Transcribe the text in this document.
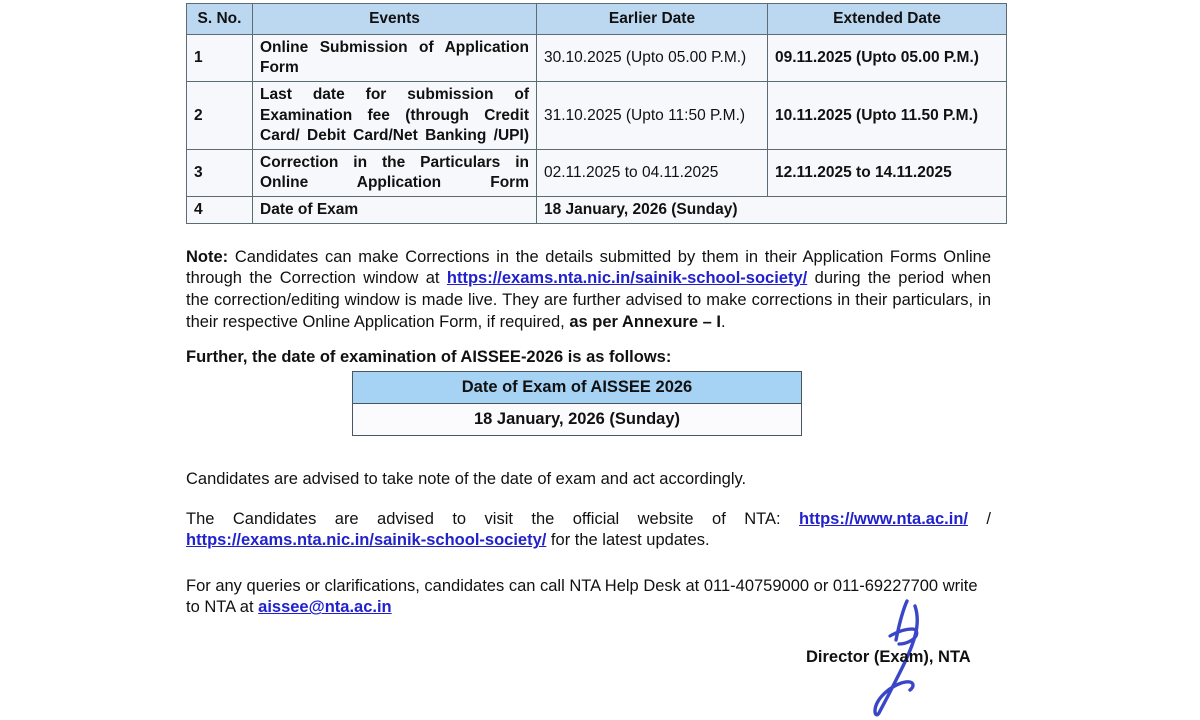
S. No.	Events	Earlier Date	Extended Date
1	Online Submission of Application Form	30.10.2025 (Upto 05.00 P.M.)	09.11.2025 (Upto 05.00 P.M.)
2	Last date for submission of Examination fee (through Credit Card/ Debit Card/Net Banking /UPI)	31.10.2025 (Upto 11:50 P.M.)	10.11.2025 (Upto 11.50 P.M.)
3	Correction in the Particulars in Online Application Form	02.11.2025 to 04.11.2025	12.11.2025 to 14.11.2025
4	Date of Exam	18 January, 2026 (Sunday)	

Note: Candidates can make Corrections in the details submitted by them in their Application Forms Online through the Correction window at https://exams.nta.nic.in/sainik-school-society/ during the period when the correction/editing window is made live. They are further advised to make corrections in their particulars, in their respective Online Application Form, if required, as per Annexure – I.

Further, the date of examination of AISSEE-2026 is as follows:

Date of Exam of AISSEE 2026
18 January, 2026 (Sunday)

Candidates are advised to take note of the date of exam and act accordingly.

The Candidates are advised to visit the official website of NTA: https://www.nta.ac.in/ / https://exams.nta.nic.in/sainik-school-society/ for the latest updates.

For any queries or clarifications, candidates can call NTA Help Desk at 011-40759000 or 011-69227700 write to NTA at aissee@nta.ac.in

Director (Exam), NTA
